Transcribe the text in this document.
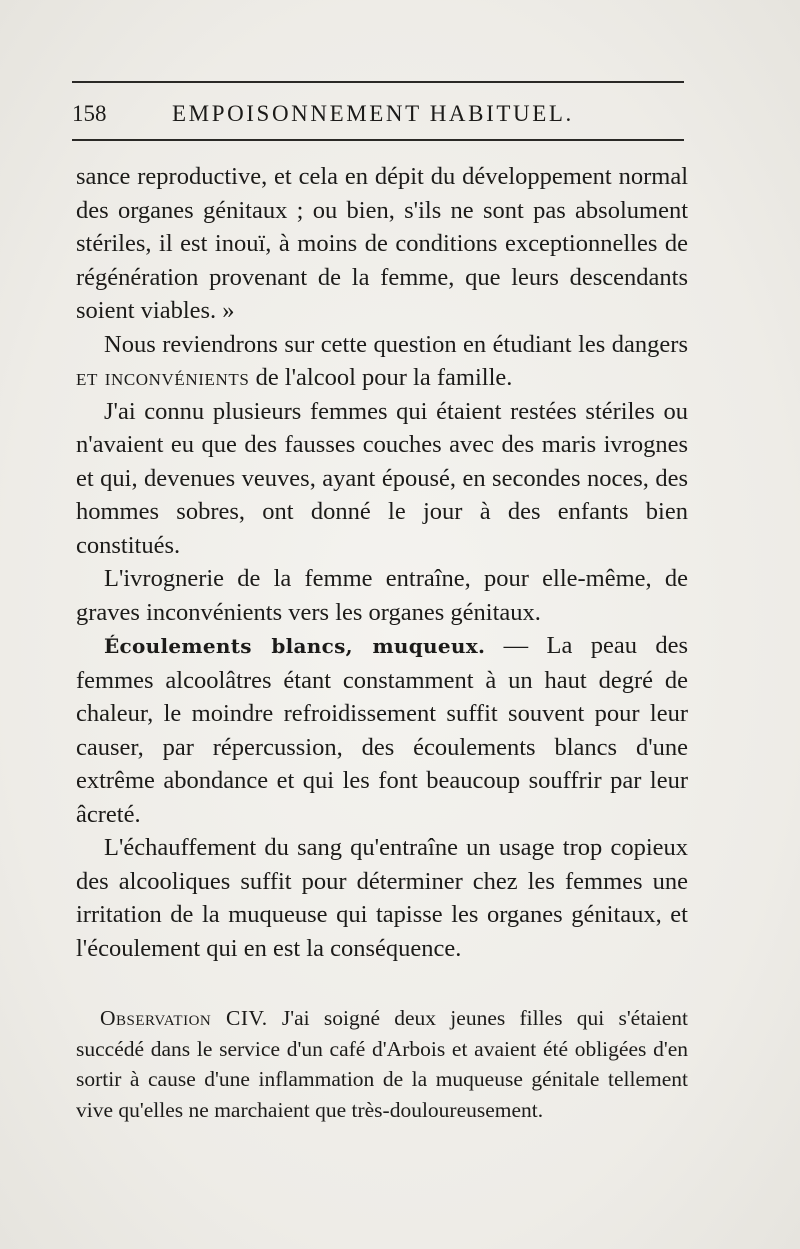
158	EMPOISONNEMENT HABITUEL.

sance reproductive, et cela en dépit du développement normal des organes génitaux ; ou bien, s'ils ne sont pas absolument stériles, il est inouï, à moins de conditions exceptionnelles de régénération provenant de la femme, que leurs descendants soient viables. »

Nous reviendrons sur cette question en étudiant les dangers et inconvénients de l'alcool pour la famille.

J'ai connu plusieurs femmes qui étaient restées stériles ou n'avaient eu que des fausses couches avec des maris ivrognes et qui, devenues veuves, ayant épousé, en secondes noces, des hommes sobres, ont donné le jour à des enfants bien constitués.

L'ivrognerie de la femme entraîne, pour elle-même, de graves inconvénients vers les organes génitaux.

Écoulements blancs, muqueux. — La peau des femmes alcoolâtres étant constamment à un haut degré de chaleur, le moindre refroidissement suffit souvent pour leur causer, par répercussion, des écoulements blancs d'une extrême abondance et qui les font beaucoup souffrir par leur âcreté.

L'échauffement du sang qu'entraîne un usage trop copieux des alcooliques suffit pour déterminer chez les femmes une irritation de la muqueuse qui tapisse les organes génitaux, et l'écoulement qui en est la conséquence.

Observation CIV. J'ai soigné deux jeunes filles qui s'étaient succédé dans le service d'un café d'Arbois et avaient été obligées d'en sortir à cause d'une inflammation de la muqueuse génitale tellement vive qu'elles ne marchaient que très-douloureusement.
